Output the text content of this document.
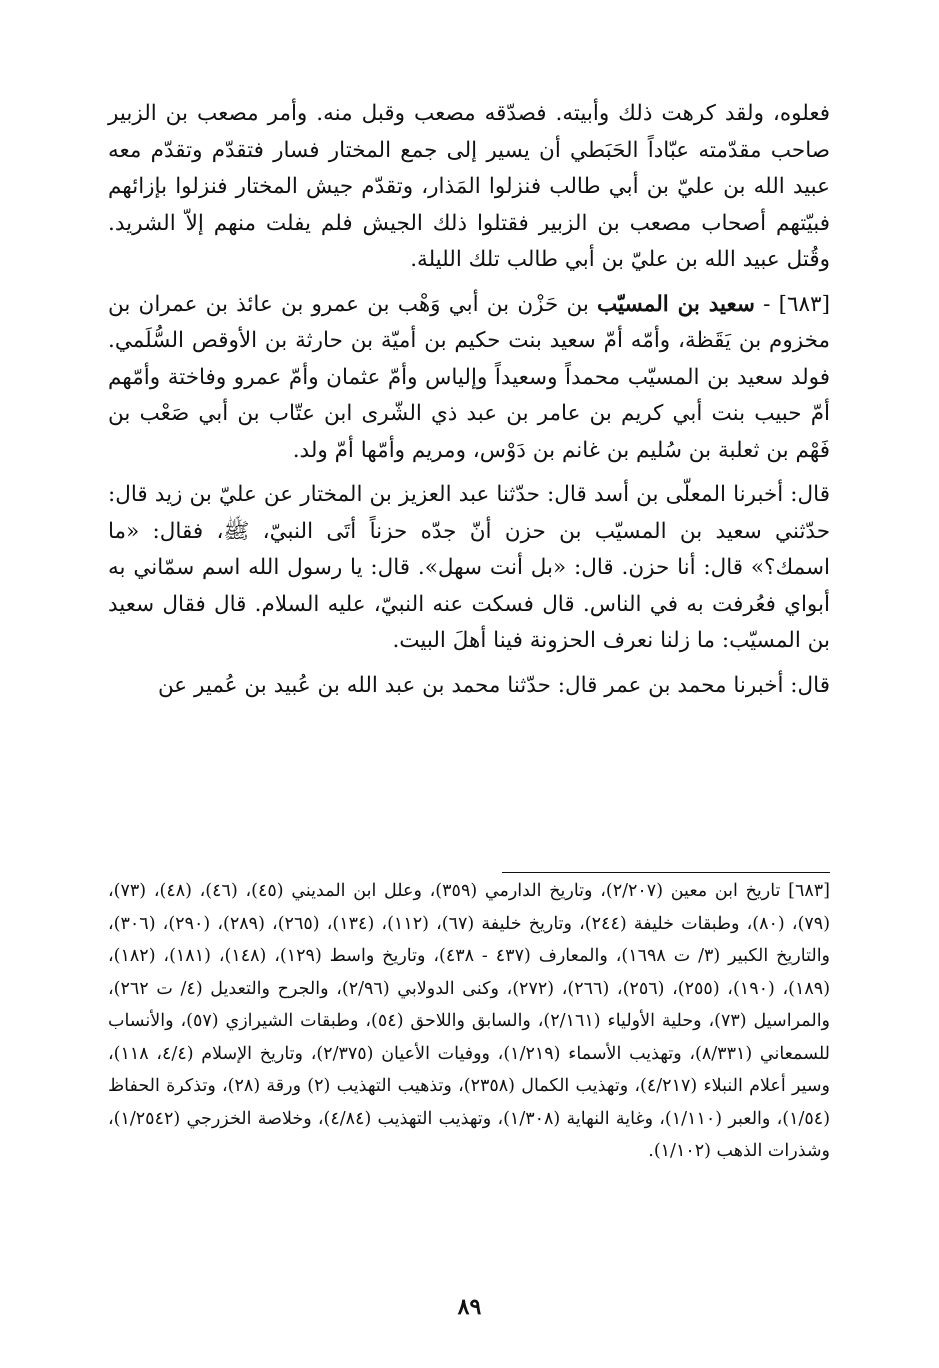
فعلوه، ولقد كرهت ذلك وأبيته. فصدّقه مصعب وقبل منه. وأمر مصعب بن الزبير صاحب مقدّمته عبّاداً الحَبَطي أن يسير إلى جمع المختار فسار فتقدّم وتقدّم معه عبيد الله بن عليّ بن أبي طالب فنزلوا المَذار، وتقدّم جيش المختار فنزلوا بإزائهم فبيّتهم أصحاب مصعب بن الزبير فقتلوا ذلك الجيش فلم يفلت منهم إلاّ الشريد. وقُتل عبيد الله بن عليّ بن أبي طالب تلك الليلة.

[٦٨٣] - سعيد بن المسيّب بن حَزْن بن أبي وَهْب بن عمرو بن عائذ بن عمران بن مخزوم بن يَقَظة، وأمّه أمّ سعيد بنت حكيم بن أميّة بن حارثة بن الأوقص السُّلَمي. فولد سعيد بن المسيّب محمداً وسعيداً وإلياس وأمّ عثمان وأمّ عمرو وفاختة وأمّهم أمّ حبيب بنت أبي كريم بن عامر بن عبد ذي الشّرى ابن عتّاب بن أبي صَعْب بن فَهْم بن ثعلبة بن سُليم بن غانم بن دَوْس، ومريم وأمّها أمّ ولد.

قال: أخبرنا المعلّى بن أسد قال: حدّثنا عبد العزيز بن المختار عن عليّ بن زيد قال: حدّثني سعيد بن المسيّب بن حزن أنّ جدّه حزناً أتَى النبيّ، ﷺ، فقال: «ما اسمك؟» قال: أنا حزن. قال: «بل أنت سهل». قال: يا رسول الله اسم سمّاني به أبواي فعُرفت به في الناس. قال فسكت عنه النبيّ، عليه السلام. قال فقال سعيد بن المسيّب: ما زلنا نعرف الحزونة فينا أهلَ البيت.

قال: أخبرنا محمد بن عمر قال: حدّثنا محمد بن عبد الله بن عُبيد بن عُمير عن

[٦٨٣] تاريخ ابن معين (٢/٢٠٧)، وتاريخ الدارمي (٣٥٩)، وعلل ابن المديني (٤٥)، (٤٦)، (٤٨)، (٧٣)، (٧٩)، (٨٠)، وطبقات خليفة (٢٤٤)، وتاريخ خليفة (٦٧)، (١١٢)، (١٣٤)، (٢٦٥)، (٢٨٩)، (٢٩٠)، (٣٠٦)، والتاريخ الكبير (٣/ ت ١٦٩٨)، والمعارف (٤٣٧ - ٤٣٨)، وتاريخ واسط (١٢٩)، (١٤٨)، (١٨١)، (١٨٢)، (١٨٩)، (١٩٠)، (٢٥٥)، (٢٥٦)، (٢٦٦)، (٢٧٢)، وكنى الدولابي (٢/٩٦)، والجرح والتعديل (٤/ ت ٢٦٢)، والمراسيل (٧٣)، وحلية الأولياء (٢/١٦١)، والسابق واللاحق (٥٤)، وطبقات الشيرازي (٥٧)، والأنساب للسمعاني (٨/٣٣١)، وتهذيب الأسماء (١/٢١٩)، ووفيات الأعيان (٢/٣٧٥)، وتاريخ الإسلام (٤/٤، ١١٨)، وسير أعلام النبلاء (٤/٢١٧)، وتهذيب الكمال (٢٣٥٨)، وتذهيب التهذيب (٢) ورقة (٢٨)، وتذكرة الحفاظ (١/٥٤)، والعبر (١/١١٠)، وغاية النهاية (١/٣٠٨)، وتهذيب التهذيب (٤/٨٤)، وخلاصة الخزرجي (١/٢٥٤٢)، وشذرات الذهب (١/١٠٢).

٨٩
